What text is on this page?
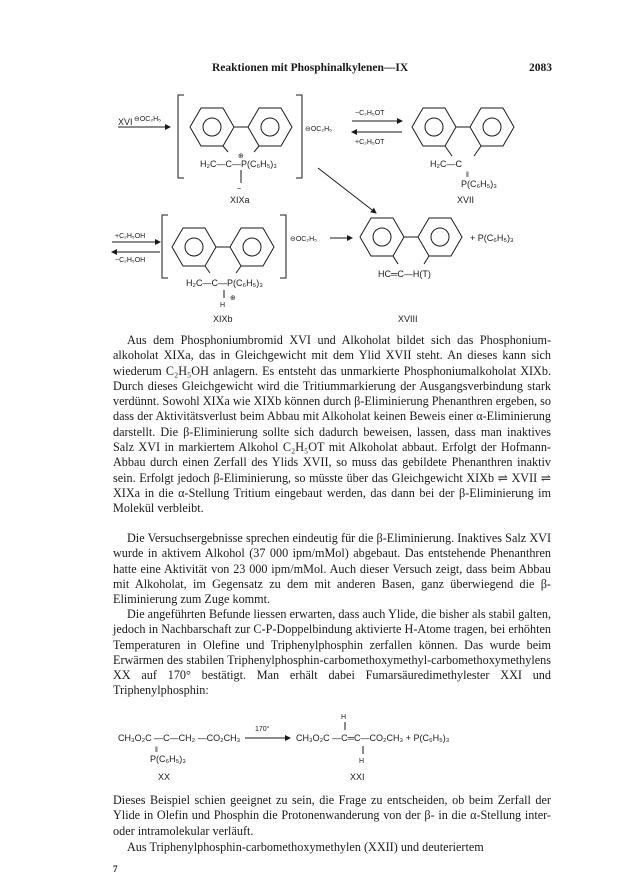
Reaktionen mit Phosphinalkylenen—IX	2083
XVI ⊖OC₂H₅
⊕
H₂C—C—P(C₆H₅)₃
–
XIXa
⊖OC₂H₅
−C₂H₅OT
+C₂H₅OT
H₂C—C
‖
P(C₆H₅)₃
XVII
+C₂H₅OH
−C₂H₅OH
⊖OC₂H₅
H₂C—C—P(C₆H₅)₃
H
⊕
+ P(C₆H₅)₃
HC═C—H(T)
XIXb	XVIII

Aus dem Phosphoniumbromid XVI und Alkoholat bildet sich das Phosphoniumalkoholat XIXa, das in Gleichgewicht mit dem Ylid XVII steht. An dieses kann sich wiederum C₂H₅OH anlagern. Es entsteht das unmarkierte Phosphoniumalkoholat XIXb. Durch dieses Gleichgewicht wird die Tritiummarkierung der Ausgangsverbindung stark verdünnt. Sowohl XIXa wie XIXb können durch β-Eliminierung Phenanthren ergeben, so dass der Aktivitätsverlust beim Abbau mit Alkoholat keinen Beweis einer α-Eliminierung darstellt. Die β-Eliminierung sollte sich dadurch beweisen, lassen, dass man inaktives Salz XVI in markiertem Alkohol C₂H₅OT mit Alkoholat abbaut. Erfolgt der Hofmann-Abbau durch einen Zerfall des Ylids XVII, so muss das gebildete Phenanthren inaktiv sein. Erfolgt jedoch β-Eliminierung, so müsste über das Gleichgewicht XIXb ⇌ XVII ⇌ XIXa in die α-Stellung Tritium eingebaut werden, das dann bei der β-Eliminierung im Molekül verbleibt.

Die Versuchsergebnisse sprechen eindeutig für die β-Eliminierung. Inaktives Salz XVI wurde in aktivem Alkohol (37 000 ipm/mMol) abgebaut. Das entstehende Phenanthren hatte eine Aktivität von 23 000 ipm/mMol. Auch dieser Versuch zeigt, dass beim Abbau mit Alkoholat, im Gegensatz zu dem mit anderen Basen, ganz überwiegend die β-Eliminierung zum Zuge kommt.

Die angeführten Befunde liessen erwarten, dass auch Ylide, die bisher als stabil galten, jedoch in Nachbarschaft zur C-P-Doppelbindung aktivierte H-Atome tragen, bei erhöhten Temperaturen in Olefine und Triphenylphosphin zerfallen können. Das wurde beim Erwärmen des stabilen Triphenylphosphin-carbomethoxymethyl-carbomethoxymethylens XX auf 170° bestätigt. Man erhält dabei Fumarsäuredimethylester XXI und Triphenylphosphin:

CH₃O₂C —C—CH₂ —CO₂CH₃
‖
P(C₆H₅)₃
170°
H
CH₃O₂C —C═C—CO₂CH₃ + P(C₆H₅)₃
H
XX	XXI

Dieses Beispiel schien geeignet zu sein, die Frage zu entscheiden, ob beim Zerfall der Ylide in Olefin und Phosphin die Protonenwanderung von der β- in die α-Stellung inter- oder intramolekular verläuft.

Aus Triphenylphosphin-carbomethoxymethylen (XXII) und deuteriertem

7
